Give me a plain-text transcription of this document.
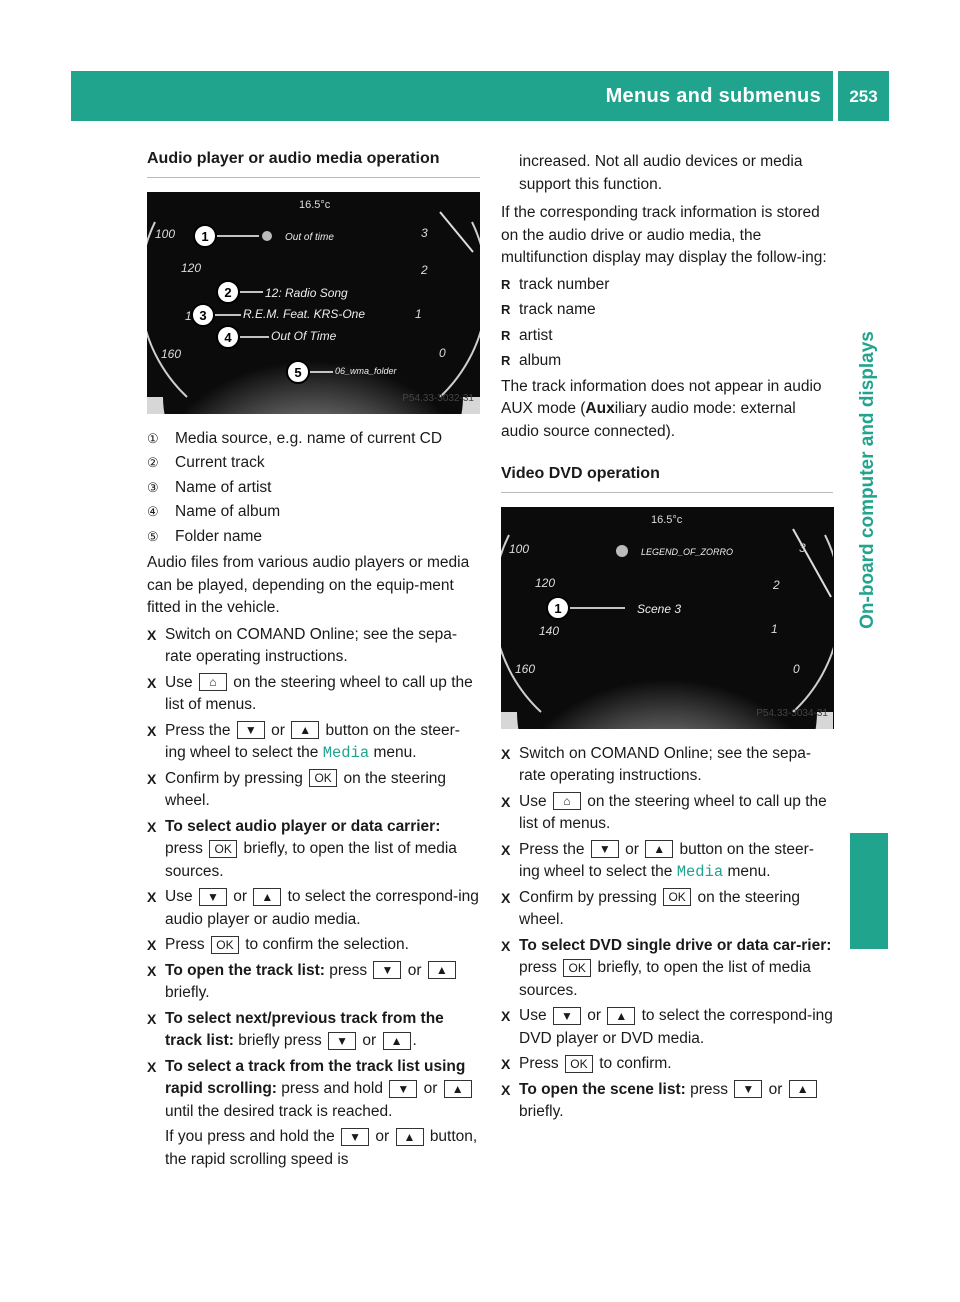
Menus and submenus	253
On-board computer and displays
Audio player or audio media operation
16.5°c
100
120
1
160
3
2
1
0
Out of time
12: Radio Song
R.E.M. Feat. KRS-One
Out Of Time
06_wma_folder
1
2
3
4
5
P54.33-3032-31
①	Media source, e.g. name of current CD
②	Current track
③	Name of artist
④	Name of album
⑤	Folder name

Audio files from various audio players or media can be played, depending on the equip-ment fitted in the vehicle.

X Switch on COMAND Online; see the sepa-rate operating instructions.
X Use ⌂ on the steering wheel to call up the list of menus.
X Press the ▼ or ▲ button on the steer-ing wheel to select the Media menu.
X Confirm by pressing OK on the steering wheel.
X To select audio player or data carrier: press OK briefly, to open the list of media sources.
X Use ▼ or ▲ to select the correspond-ing audio player or audio media.
X Press OK to confirm the selection.
X To open the track list: press ▼ or ▲ briefly.
X To select next/previous track from the track list: briefly press ▼ or ▲ .
X To select a track from the track list using rapid scrolling: press and hold ▼ or ▲ until the desired track is reached.
If you press and hold the ▼ or ▲ button, the rapid scrolling speed is

increased. Not all audio devices or media support this function.

If the corresponding track information is stored on the audio drive or audio media, the multifunction display may display the follow-ing:

R track number
R track name
R artist
R album

The track information does not appear in audio AUX mode (Auxiliary audio mode: external audio source connected).

Video DVD operation
16.5°c
100
120
140
160
3
2
1
0
LEGEND_OF_ZORRO
Scene 3
1
P54.33-3034-31
X Switch on COMAND Online; see the sepa-rate operating instructions.
X Use ⌂ on the steering wheel to call up the list of menus.
X Press the ▼ or ▲ button on the steer-ing wheel to select the Media menu.
X Confirm by pressing OK on the steering wheel.
X To select DVD single drive or data car-rier: press OK briefly, to open the list of media sources.
X Use ▼ or ▲ to select the correspond-ing DVD player or DVD media.
X Press OK to confirm.
X To open the scene list: press ▼ or ▲ briefly.
